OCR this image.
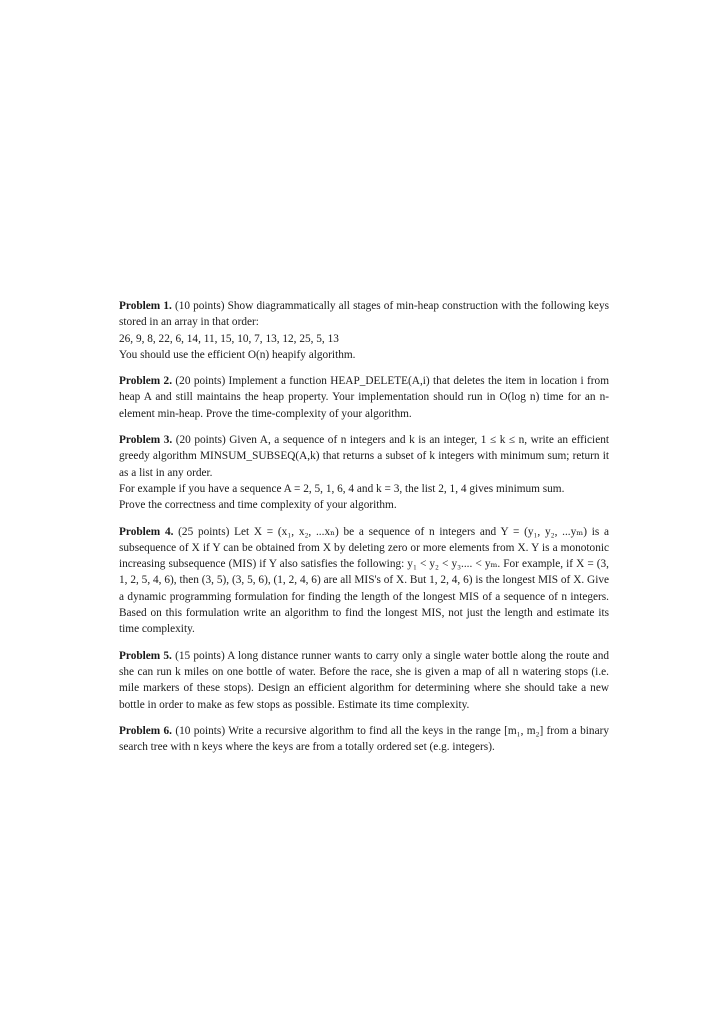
Problem 1. (10 points) Show diagrammatically all stages of min-heap construction with the following keys stored in an array in that order:

26, 9, 8, 22, 6, 14, 11, 15, 10, 7, 13, 12, 25, 5, 13

You should use the efficient O(n) heapify algorithm.

Problem 2. (20 points) Implement a function HEAP_DELETE(A,i) that deletes the item in location i from heap A and still maintains the heap property. Your implementation should run in O(log n) time for an n-element min-heap. Prove the time-complexity of your algorithm.

Problem 3. (20 points) Given A, a sequence of n integers and k is an integer, 1 ≤ k ≤ n, write an efficient greedy algorithm MINSUM_SUBSEQ(A,k) that returns a subset of k integers with minimum sum; return it as a list in any order.

For example if you have a sequence A = 2, 5, 1, 6, 4 and k = 3, the list 2, 1, 4 gives minimum sum.

Prove the correctness and time complexity of your algorithm.

Problem 4. (25 points) Let X = (x₁, x₂, ...xₙ) be a sequence of n integers and Y = (y₁, y₂, ...yₘ) is a subsequence of X if Y can be obtained from X by deleting zero or more elements from X. Y is a monotonic increasing subsequence (MIS) if Y also satisfies the following: y₁ < y₂ < y₃.... < yₘ. For example, if X = (3, 1, 2, 5, 4, 6), then (3, 5), (3, 5, 6), (1, 2, 4, 6) are all MIS's of X. But 1, 2, 4, 6) is the longest MIS of X. Give a dynamic programming formulation for finding the length of the longest MIS of a sequence of n integers. Based on this formulation write an algorithm to find the longest MIS, not just the length and estimate its time complexity.

Problem 5. (15 points) A long distance runner wants to carry only a single water bottle along the route and she can run k miles on one bottle of water. Before the race, she is given a map of all n watering stops (i.e. mile markers of these stops). Design an efficient algorithm for determining where she should take a new bottle in order to make as few stops as possible. Estimate its time complexity.

Problem 6. (10 points) Write a recursive algorithm to find all the keys in the range [m₁, m₂] from a binary search tree with n keys where the keys are from a totally ordered set (e.g. integers).
